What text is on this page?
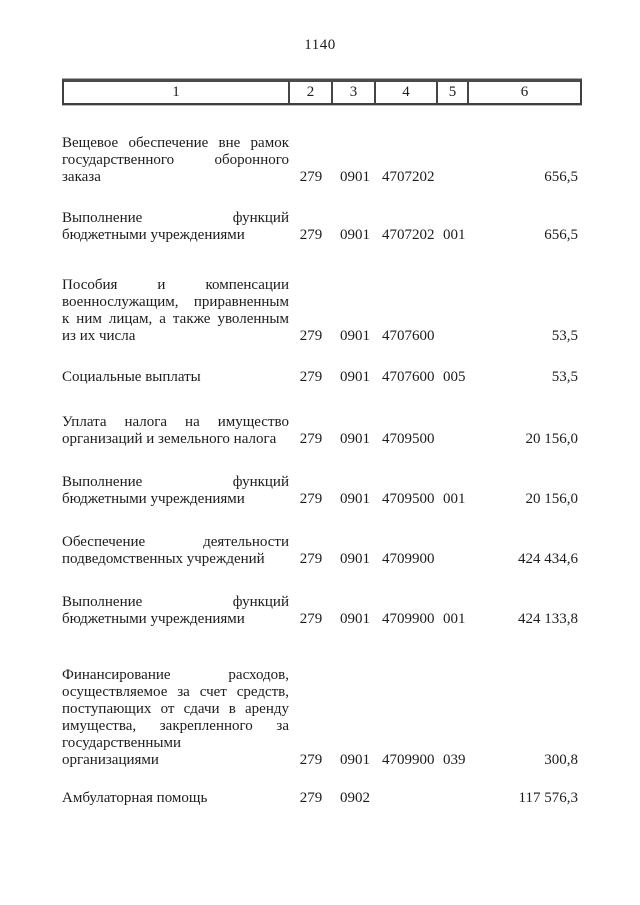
1140
1	2	3	4	5	6
Вещевое обеспечение вне рамок
государственного оборонного
заказа	279	0901 4707202	656,5
Выполнение функций
бюджетными учреждениями	279	0901 4707202 001	656,5
Пособия и компенсации
военнослужащим, приравненным
к ним лицам, а также уволенным
из их числа	279	0901 4707600	53,5
Социальные выплаты	279	0901 4707600 005	53,5
Уплата налога на имущество
организаций и земельного налога	279	0901 4709500	20 156,0
Выполнение функций
бюджетными учреждениями	279	0901 4709500 001	20 156,0
Обеспечение деятельности
подведомственных учреждений	279	0901 4709900	424 434,6
Выполнение функций
бюджетными учреждениями	279	0901 4709900 001	424 133,8
Финансирование расходов,
осуществляемое за счет средств,
поступающих от сдачи в аренду
имущества, закрепленного за
государственными
организациями	279	0901 4709900 039	300,8
Амбулаторная помощь	279	0902	117 576,3
